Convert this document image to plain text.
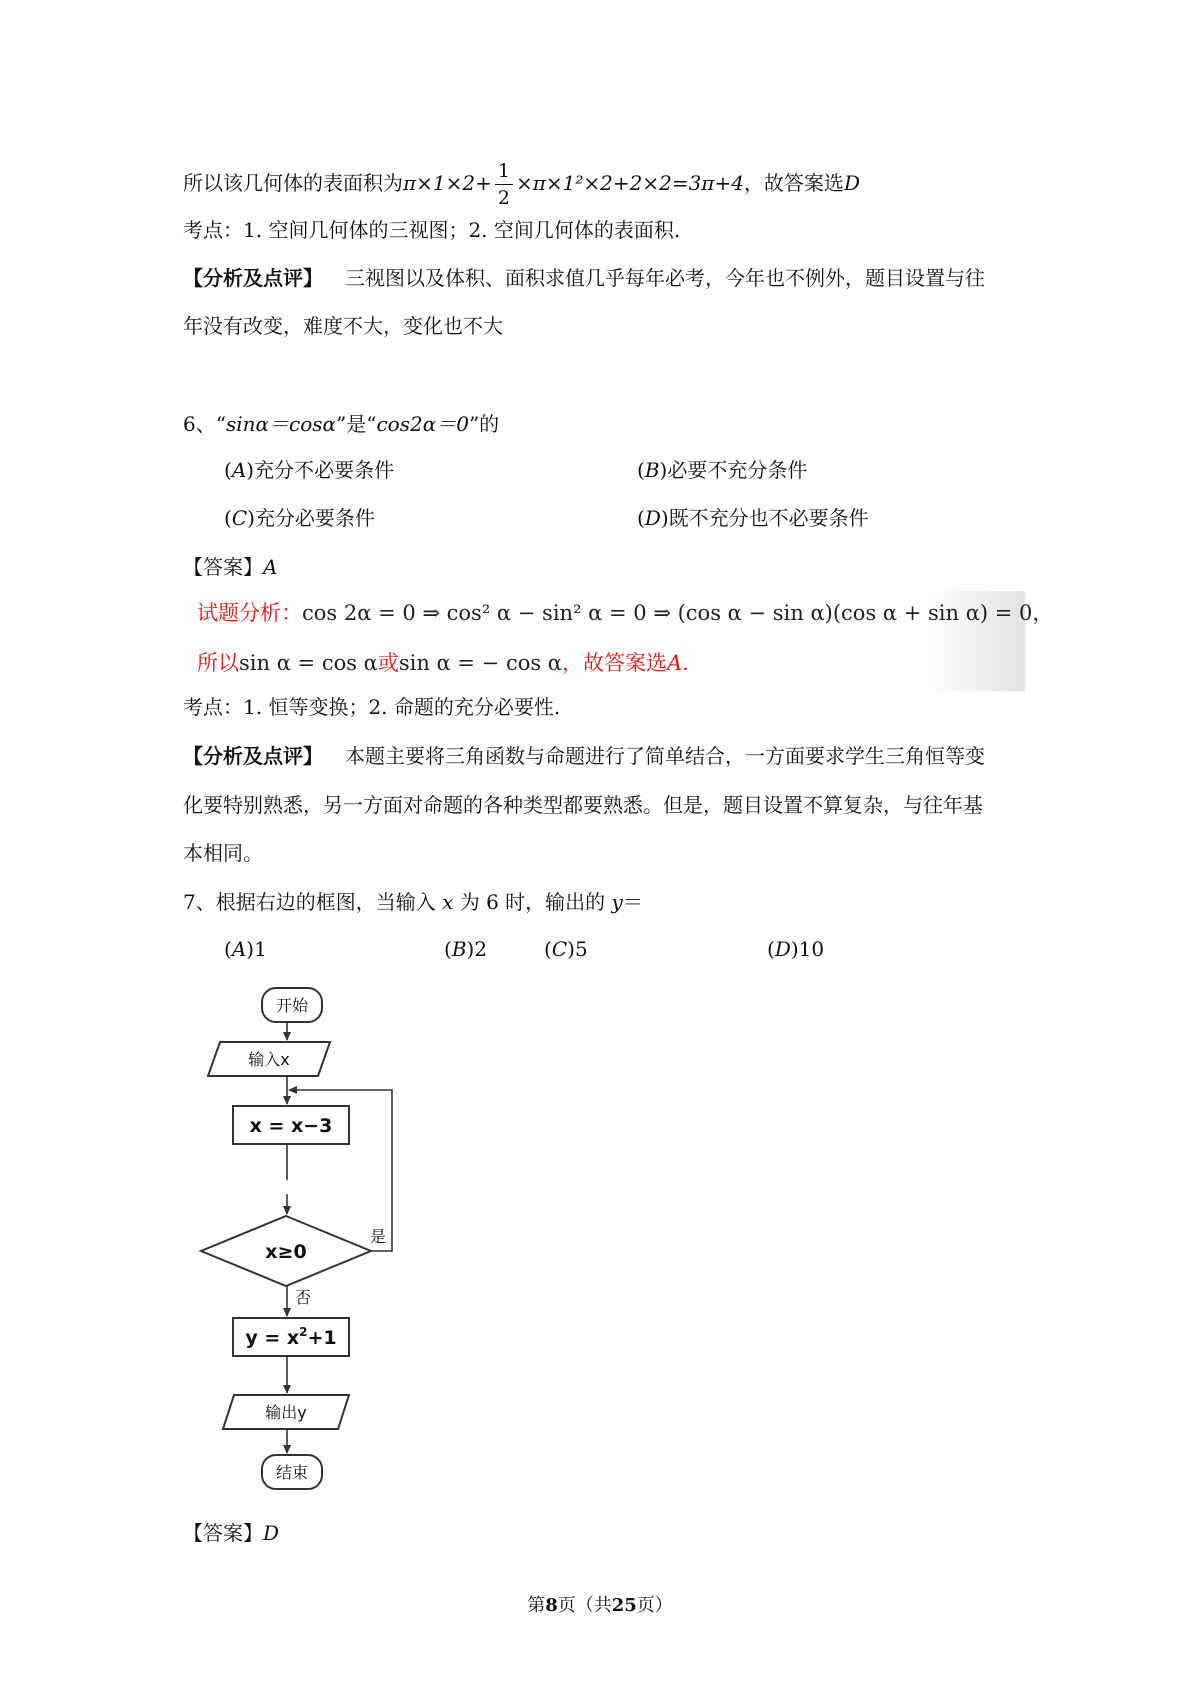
所以该几何体的表面积为$\pi\times 1\times 2+ \frac{1}{2} \times\pi\times 1^2\times 2+2\times 2=3\pi+4$，故答案选D
考点：1. 空间几何体的三视图；2. 空间几何体的表面积.
【分析及点评】 三视图以及体积、面积求值几乎每年必考，今年也不例外，题目设置与往
年没有改变，难度不大，变化也不大
6、“sinα＝cosα”是“cos2α＝0”的
(A)充分不必要条件	(B)必要不充分条件
(C)充分必要条件	(D)既不充分也不必要条件
【答案】A
试题分析：cos 2α = 0 ⇒ cos² α − sin² α = 0 ⇒ (cos α − sin α)(cos α + sin α) = 0，
所以sin α = cos α或sin α = − cos α，故答案选A.
考点：1. 恒等变换；2. 命题的充分必要性.
【分析及点评】 本题主要将三角函数与命题进行了简单结合，一方面要求学生三角恒等变
化要特别熟悉，另一方面对命题的各种类型都要熟悉。但是，题目设置不算复杂，与往年基
本相同。
7、根据右边的框图，当输入 x 为 6 时，输出的 y＝
(A)1	(B)2	(C)5	(D)10
开始
输入x
x = x−3
x≥0
是
否
$y = x^2+1$
输出y
结束
【答案】D
第8页（共25页）
